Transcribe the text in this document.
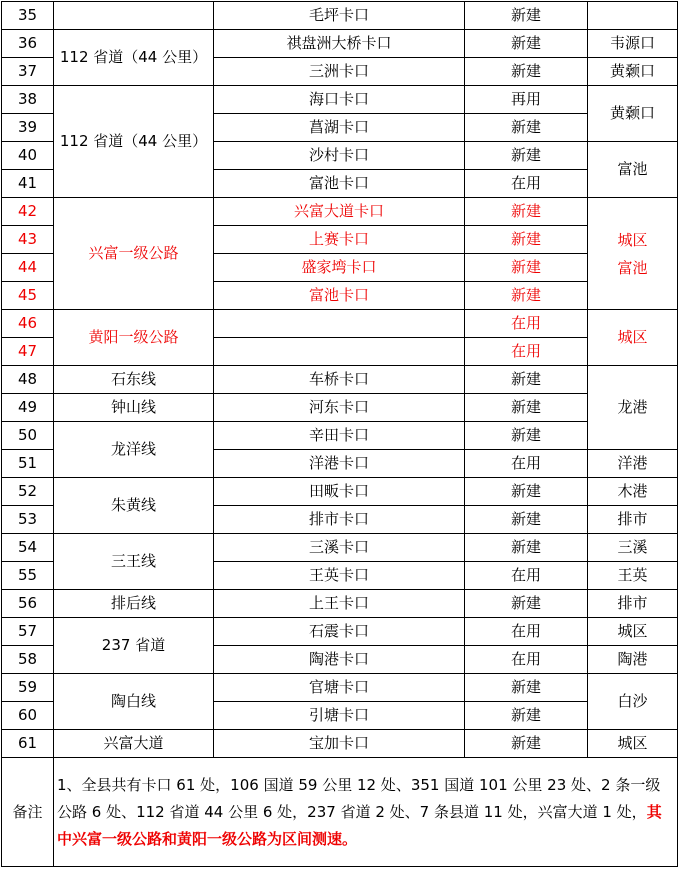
35		毛坪卡口	新建	
36	112 省道（44 公里）	祺盘洲大桥卡口	新建	韦源口
37		三洲卡口	新建	黄颡口
38	112 省道（44 公里）	海口卡口	再用	黄颡口
39		菖湖卡口	新建	
40		沙村卡口	新建	富池
41		富池卡口	在用	
42	兴富一级公路	兴富大道卡口	新建	城区
富池
43		上赛卡口	新建	
44		盛家塆卡口	新建	
45		富池卡口	新建	
46	黄阳一级公路		在用	城区
47			在用	
48	石东线	车桥卡口	新建	龙港
49	钟山线	河东卡口	新建	
50	龙洋线	辛田卡口	新建	
51		洋港卡口	在用	洋港
52	朱黄线	田畈卡口	新建	木港
53		排市卡口	新建	排市
54	三王线	三溪卡口	新建	三溪
55		王英卡口	在用	王英
56	排后线	上王卡口	新建	排市
57	237 省道	石震卡口	在用	城区
58		陶港卡口	在用	陶港
59	陶白线	官塘卡口	新建	白沙
60		引塘卡口	新建	
61	兴富大道	宝加卡口	新建	城区
备注	1、全县共有卡口 61 处，106 国道 59 公里 12 处、351 国道 101 公里 23 处、2 条一级公路 6 处、112 省道 44 公里 6 处，237 省道 2 处、7 条县道 11 处，兴富大道 1 处，其中兴富一级公路和黄阳一级公路为区间测速。			
